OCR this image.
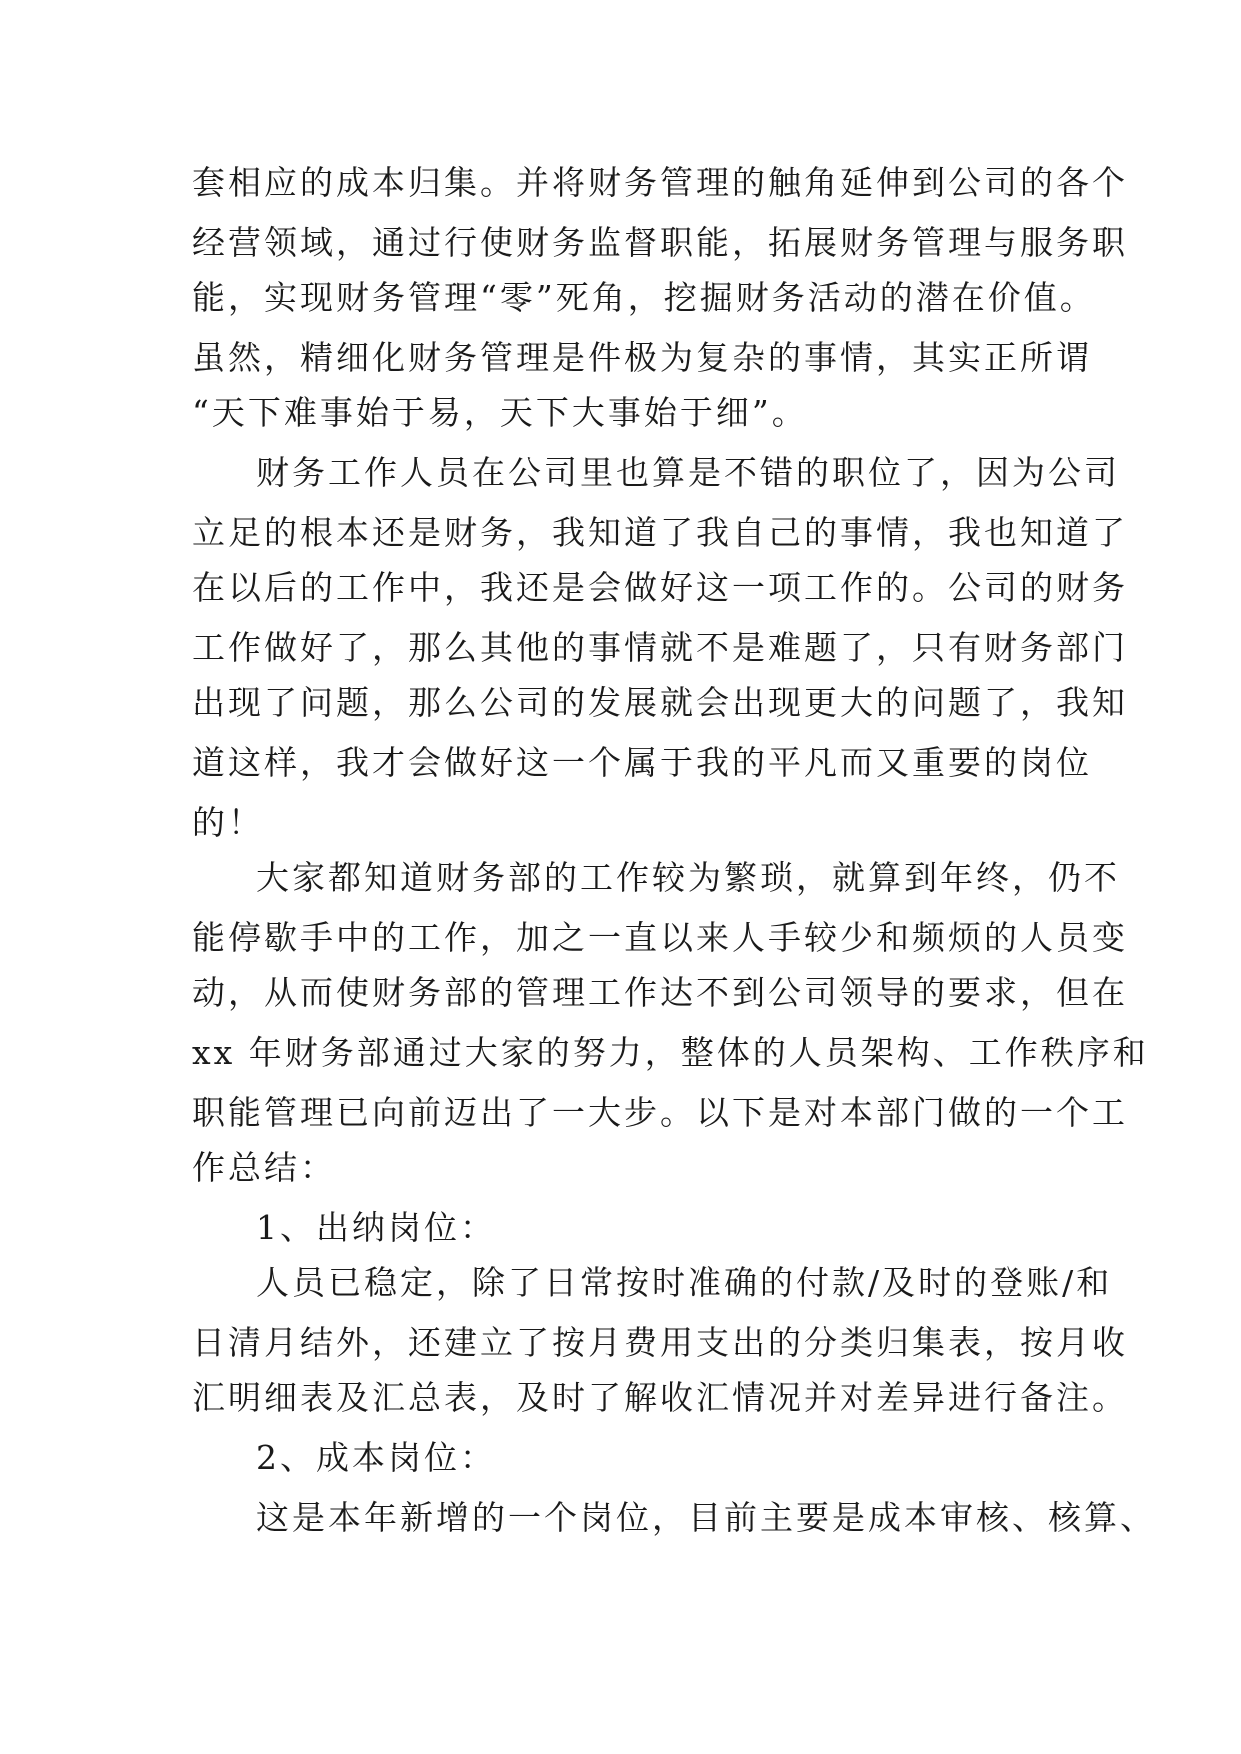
套相应的成本归集。并将财务管理的触角延伸到公司的各个
经营领域，通过行使财务监督职能，拓展财务管理与服务职
能，实现财务管理“零”死角，挖掘财务活动的潜在价值。
虽然，精细化财务管理是件极为复杂的事情，其实正所谓
“天下难事始于易，天下大事始于细”。
财务工作人员在公司里也算是不错的职位了，因为公司
立足的根本还是财务，我知道了我自己的事情，我也知道了
在以后的工作中，我还是会做好这一项工作的。公司的财务
工作做好了，那么其他的事情就不是难题了，只有财务部门
出现了问题，那么公司的发展就会出现更大的问题了，我知
道这样，我才会做好这一个属于我的平凡而又重要的岗位
的！
大家都知道财务部的工作较为繁琐，就算到年终，仍不
能停歇手中的工作，加之一直以来人手较少和频烦的人员变
动，从而使财务部的管理工作达不到公司领导的要求，但在
xx 年财务部通过大家的努力，整体的人员架构、工作秩序和
职能管理已向前迈出了一大步。以下是对本部门做的一个工
作总结：
1、出纳岗位：
人员已稳定，除了日常按时准确的付款/及时的登账/和
日清月结外，还建立了按月费用支出的分类归集表，按月收
汇明细表及汇总表，及时了解收汇情况并对差异进行备注。
2、成本岗位：
这是本年新增的一个岗位，目前主要是成本审核、核算、
